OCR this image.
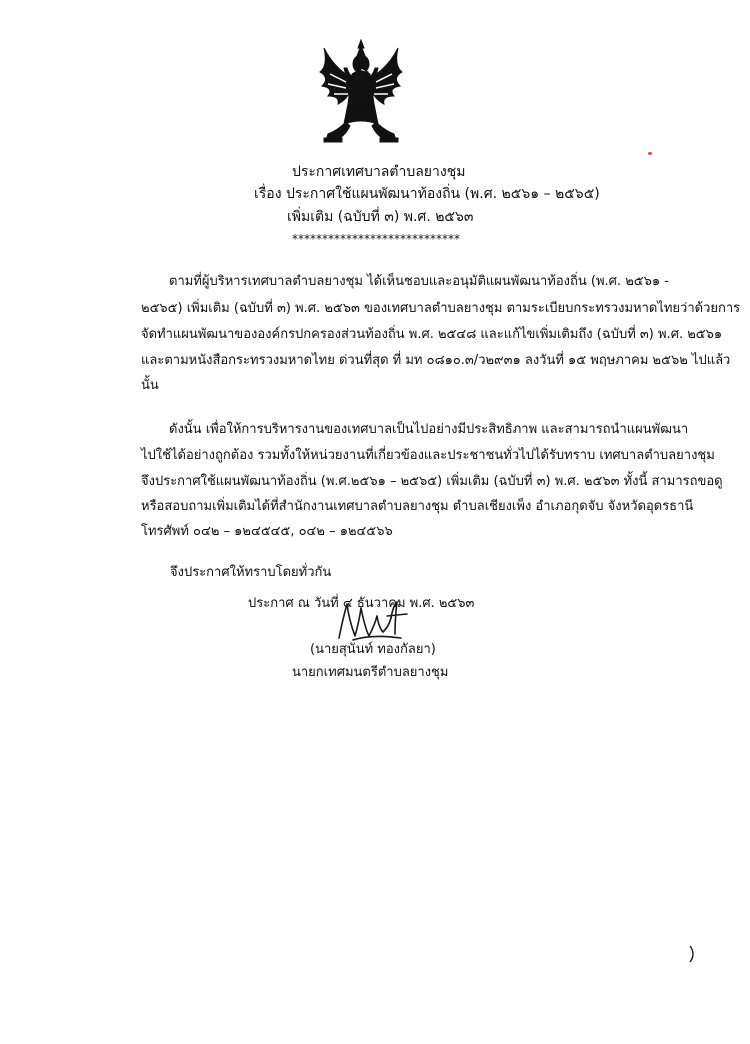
ประกาศเทศบาลตำบลยางชุม
เรื่อง ประกาศใช้แผนพัฒนาท้องถิ่น (พ.ศ. ๒๕๖๑ – ๒๕๖๕)
เพิ่มเติม (ฉบับที่ ๓) พ.ศ. ๒๕๖๓
****************************
ตามที่ผู้บริหารเทศบาลตำบลยางชุม ได้เห็นชอบและอนุมัติแผนพัฒนาท้องถิ่น (พ.ศ. ๒๕๖๑ -
๒๕๖๕) เพิ่มเติม (ฉบับที่ ๓) พ.ศ. ๒๕๖๓ ของเทศบาลตำบลยางชุม ตามระเบียบกระทรวงมหาดไทยว่าด้วยการ
จัดทำแผนพัฒนาขององค์กรปกครองส่วนท้องถิ่น พ.ศ. ๒๕๔๘ และแก้ไขเพิ่มเติมถึง (ฉบับที่ ๓) พ.ศ. ๒๕๖๑
และตามหนังสือกระทรวงมหาดไทย ด่วนที่สุด ที่ มท ๐๘๑๐.๓/ว๒๙๓๑ ลงวันที่ ๑๕ พฤษภาคม ๒๕๖๒ ไปแล้ว
นั้น
ดังนั้น เพื่อให้การบริหารงานของเทศบาลเป็นไปอย่างมีประสิทธิภาพ และสามารถนำแผนพัฒนา
ไปใช้ได้อย่างถูกต้อง รวมทั้งให้หน่วยงานที่เกี่ยวข้องและประชาชนทั่วไปได้รับทราบ เทศบาลตำบลยางชุม
จึงประกาศใช้แผนพัฒนาท้องถิ่น (พ.ศ.๒๕๖๑ – ๒๕๖๕) เพิ่มเติม (ฉบับที่ ๓) พ.ศ. ๒๕๖๓ ทั้งนี้ สามารถขอดู
หรือสอบถามเพิ่มเติมได้ที่สำนักงานเทศบาลตำบลยางชุม ตำบลเชียงเพ็ง อำเภอกุดจับ จังหวัดอุดรธานี
โทรศัพท์ ๐๔๒ – ๑๒๔๕๔๕, ๐๔๒ – ๑๒๔๕๖๖
จึงประกาศให้ทราบโดยทั่วกัน
ประกาศ ณ วันที่ ๔ ธันวาคม พ.ศ. ๒๕๖๓
(นายสุนันท์ ทองกัลยา)
นายกเทศมนตรีตำบลยางชุม
